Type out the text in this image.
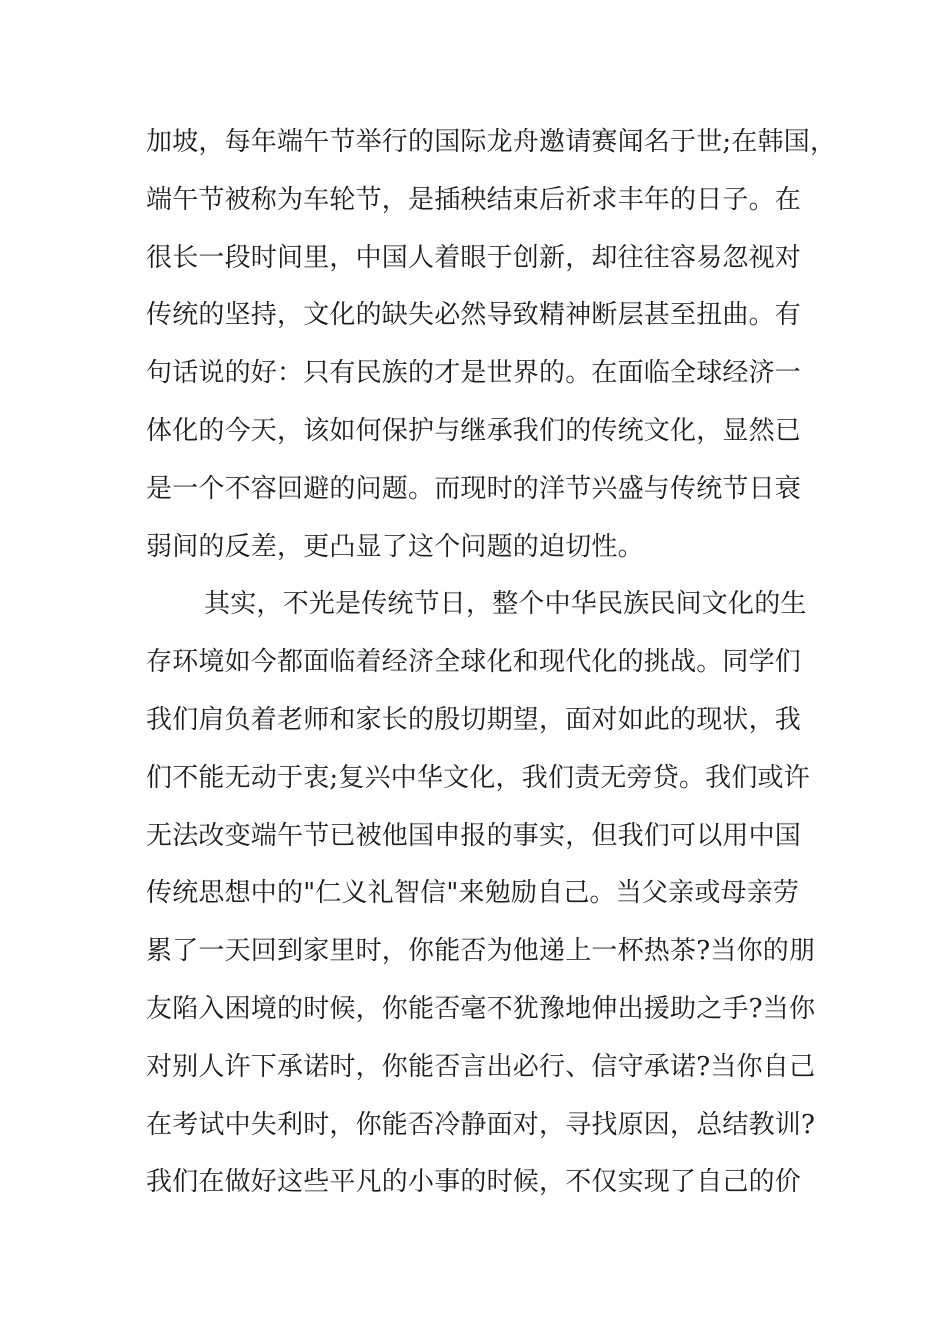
加坡，每年端午节举行的国际龙舟邀请赛闻名于世;在韩国，
端午节被称为车轮节，是插秧结束后祈求丰年的日子。在
很长一段时间里，中国人着眼于创新，却往往容易忽视对
传统的坚持，文化的缺失必然导致精神断层甚至扭曲。有
句话说的好：只有民族的才是世界的。在面临全球经济一
体化的今天，该如何保护与继承我们的传统文化，显然已
是一个不容回避的问题。而现时的洋节兴盛与传统节日衰
弱间的反差，更凸显了这个问题的迫切性。
其实，不光是传统节日，整个中华民族民间文化的生
存环境如今都面临着经济全球化和现代化的挑战。同学们
我们肩负着老师和家长的殷切期望，面对如此的现状，我
们不能无动于衷;复兴中华文化，我们责无旁贷。我们或许
无法改变端午节已被他国申报的事实，但我们可以用中国
传统思想中的"仁义礼智信"来勉励自己。当父亲或母亲劳
累了一天回到家里时，你能否为他递上一杯热茶?当你的朋
友陷入困境的时候，你能否毫不犹豫地伸出援助之手?当你
对别人许下承诺时，你能否言出必行、信守承诺?当你自己
在考试中失利时，你能否冷静面对，寻找原因，总结教训?
我们在做好这些平凡的小事的时候，不仅实现了自己的价
